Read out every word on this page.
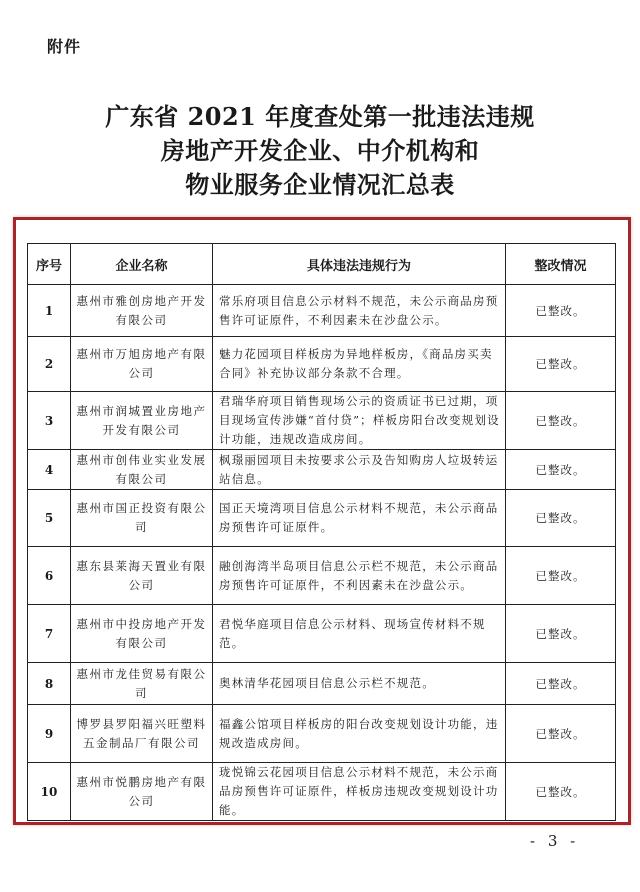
附件
广东省 2021 年度查处第一批违法违规
房地产开发企业、中介机构和
物业服务企业情况汇总表
序号	企业名称	具体违法违规行为	整改情况
1	惠州市雅创房地产开发有限公司	常乐府项目信息公示材料不规范，未公示商品房预售许可证原件，不利因素未在沙盘公示。	已整改。
2	惠州市万旭房地产有限公司	魅力花园项目样板房为异地样板房，《商品房买卖合同》补充协议部分条款不合理。	已整改。
3	惠州市润城置业房地产开发有限公司	君瑞华府项目销售现场公示的资质证书已过期，项目现场宣传涉嫌“首付贷”；样板房阳台改变规划设计功能，违规改造成房间。	已整改。
4	惠州市创伟业实业发展有限公司	枫璟丽园项目未按要求公示及告知购房人垃圾转运站信息。	已整改。
5	惠州市国正投资有限公司	国正天境湾项目信息公示材料不规范，未公示商品房预售许可证原件。	已整改。
6	惠东县莱海天置业有限公司	融创海湾半岛项目信息公示栏不规范，未公示商品房预售许可证原件，不利因素未在沙盘公示。	已整改。
7	惠州市中投房地产开发有限公司	君悦华庭项目信息公示材料、现场宣传材料不规范。	已整改。
8	惠州市龙佳贸易有限公司	奥林清华花园项目信息公示栏不规范。	已整改。
9	博罗县罗阳福兴旺塑料五金制品厂有限公司	福鑫公馆项目样板房的阳台改变规划设计功能，违规改造成房间。	已整改。
10	惠州市悦鹏房地产有限公司	珑悦锦云花园项目信息公示材料不规范，未公示商品房预售许可证原件，样板房违规改变规划设计功能。	已整改。
- 3 -
